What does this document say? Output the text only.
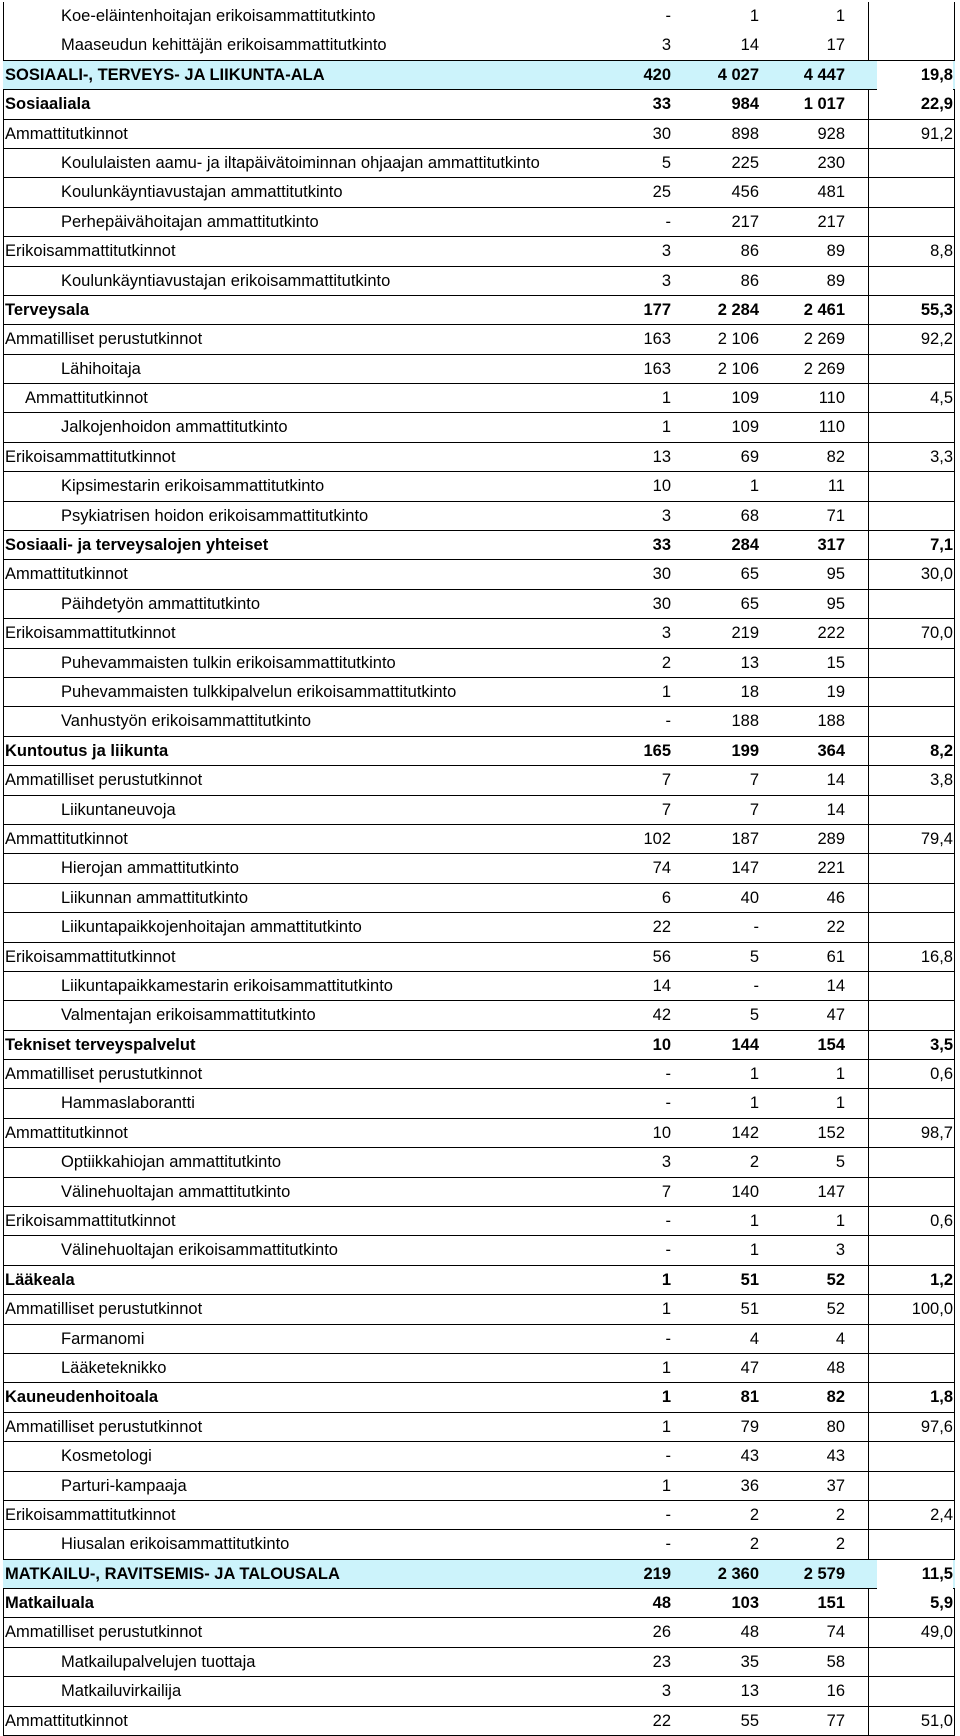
Koe-eläintenhoitajan erikoisammattitutkinto	-	1	1
Maaseudun kehittäjän erikoisammattitutkinto	3	14	17
SOSIAALI-, TERVEYS- JA LIIKUNTA-ALA	420	4 027	4 447	19,8
Sosiaaliala	33	984	1 017	22,9
Ammattitutkinnot	30	898	928	91,2
Koululaisten aamu- ja iltapäivätoiminnan ohjaajan ammattitutkinto	5	225	230
Koulunkäyntiavustajan ammattitutkinto	25	456	481
Perhepäivähoitajan ammattitutkinto	-	217	217
Erikoisammattitutkinnot	3	86	89	8,8
Koulunkäyntiavustajan erikoisammattitutkinto	3	86	89
Terveysala	177	2 284	2 461	55,3
Ammatilliset perustutkinnot	163	2 106	2 269	92,2
Lähihoitaja	163	2 106	2 269
Ammattitutkinnot	1	109	110	4,5
Jalkojenhoidon ammattitutkinto	1	109	110
Erikoisammattitutkinnot	13	69	82	3,3
Kipsimestarin erikoisammattitutkinto	10	1	11
Psykiatrisen hoidon erikoisammattitutkinto	3	68	71
Sosiaali- ja terveysalojen yhteiset	33	284	317	7,1
Ammattitutkinnot	30	65	95	30,0
Päihdetyön ammattitutkinto	30	65	95
Erikoisammattitutkinnot	3	219	222	70,0
Puhevammaisten tulkin erikoisammattitutkinto	2	13	15
Puhevammaisten tulkkipalvelun erikoisammattitutkinto	1	18	19
Vanhustyön erikoisammattitutkinto	-	188	188
Kuntoutus ja liikunta	165	199	364	8,2
Ammatilliset perustutkinnot	7	7	14	3,8
Liikuntaneuvoja	7	7	14
Ammattitutkinnot	102	187	289	79,4
Hierojan ammattitutkinto	74	147	221
Liikunnan ammattitutkinto	6	40	46
Liikuntapaikkojenhoitajan ammattitutkinto	22	-	22
Erikoisammattitutkinnot	56	5	61	16,8
Liikuntapaikkamestarin erikoisammattitutkinto	14	-	14
Valmentajan erikoisammattitutkinto	42	5	47
Tekniset terveyspalvelut	10	144	154	3,5
Ammatilliset perustutkinnot	-	1	1	0,6
Hammaslaborantti	-	1	1
Ammattitutkinnot	10	142	152	98,7
Optiikkahiojan ammattitutkinto	3	2	5
Välinehuoltajan ammattitutkinto	7	140	147
Erikoisammattitutkinnot	-	1	1	0,6
Välinehuoltajan erikoisammattitutkinto	-	1	3
Lääkeala	1	51	52	1,2
Ammatilliset perustutkinnot	1	51	52	100,0
Farmanomi	-	4	4
Lääketeknikko	1	47	48
Kauneudenhoitoala	1	81	82	1,8
Ammatilliset perustutkinnot	1	79	80	97,6
Kosmetologi	-	43	43
Parturi-kampaaja	1	36	37
Erikoisammattitutkinnot	-	2	2	2,4
Hiusalan erikoisammattitutkinto	-	2	2
MATKAILU-, RAVITSEMIS- JA TALOUSALA	219	2 360	2 579	11,5
Matkailuala	48	103	151	5,9
Ammatilliset perustutkinnot	26	48	74	49,0
Matkailupalvelujen tuottaja	23	35	58
Matkailuvirkailija	3	13	16
Ammattitutkinnot	22	55	77	51,0
